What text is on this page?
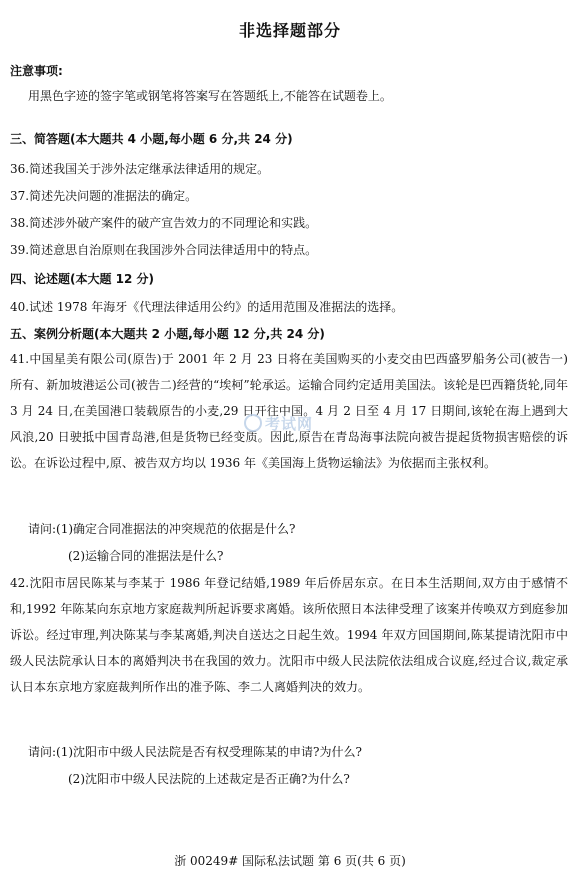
非选择题部分
注意事项:
用黑色字迹的签字笔或钢笔将答案写在答题纸上,不能答在试题卷上。
三、简答题(本大题共 4 小题,每小题 6 分,共 24 分)
36.简述我国关于涉外法定继承法律适用的规定。
37.简述先决问题的准据法的确定。
38.简述涉外破产案件的破产宣告效力的不同理论和实践。
39.简述意思自治原则在我国涉外合同法律适用中的特点。
四、论述题(本大题 12 分)
40.试述 1978 年海牙《代理法律适用公约》的适用范围及准据法的选择。
五、案例分析题(本大题共 2 小题,每小题 12 分,共 24 分)
41.中国星美有限公司(原告)于 2001 年 2 月 23 日将在美国购买的小麦交由巴西盛罗船务公司(被告一)所有、新加坡港运公司(被告二)经营的“埃柯”轮承运。运输合同约定适用美国法。该轮是巴西籍货轮,同年 3 月 24 日,在美国港口装载原告的小麦,29 日开往中国。4 月 2 日至 4 月 17 日期间,该轮在海上遇到大风浪,20 日驶抵中国青岛港,但是货物已经变质。因此,原告在青岛海事法院向被告提起货物损害赔偿的诉讼。在诉讼过程中,原、被告双方均以 1936 年《美国海上货物运输法》为依据而主张权利。
请问:(1)确定合同准据法的冲突规范的依据是什么?
(2)运输合同的准据法是什么?
42.沈阳市居民陈某与李某于 1986 年登记结婚,1989 年后侨居东京。在日本生活期间,双方由于感情不和,1992 年陈某向东京地方家庭裁判所起诉要求离婚。该所依照日本法律受理了该案并传唤双方到庭参加诉讼。经过审理,判决陈某与李某离婚,判决自送达之日起生效。1994 年双方回国期间,陈某提请沈阳市中级人民法院承认日本的离婚判决书在我国的效力。沈阳市中级人民法院依法组成合议庭,经过合议,裁定承认日本东京地方家庭裁判所作出的准予陈、李二人离婚判决的效力。
请问:(1)沈阳市中级人民法院是否有权受理陈某的申请?为什么?
(2)沈阳市中级人民法院的上述裁定是否正确?为什么?
考试网
浙 00249# 国际私法试题 第 6 页(共 6 页)
